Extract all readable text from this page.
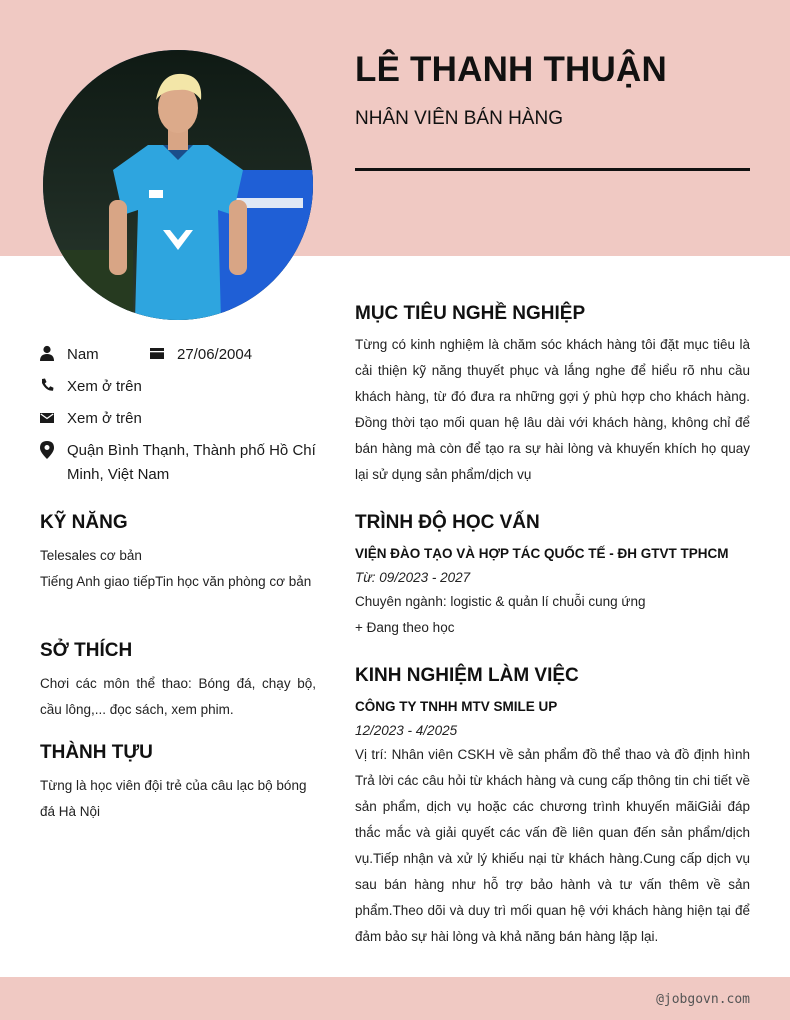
LÊ THANH THUẬN
NHÂN VIÊN BÁN HÀNG
Nam	27/06/2004
Xem ở trên
Xem ở trên
Quận Bình Thạnh, Thành phố Hồ Chí Minh, Việt Nam
KỸ NĂNG
Telesales cơ bản
Tiếng Anh giao tiếpTin học văn phòng cơ bản
SỞ THÍCH
Chơi các môn thể thao: Bóng đá, chạy bộ, cầu lông,... đọc sách, xem phim.
THÀNH TỰU
Từng là học viên đội trẻ của câu lạc bộ bóng đá Hà Nội
MỤC TIÊU NGHỀ NGHIỆP
Từng có kinh nghiệm là chăm sóc khách hàng tôi đặt mục tiêu là cải thiện kỹ năng thuyết phục và lắng nghe để hiểu rõ nhu cầu khách hàng, từ đó đưa ra những gợi ý phù hợp cho khách hàng. Đồng thời tạo mối quan hệ lâu dài với khách hàng, không chỉ để bán hàng mà còn để tạo ra sự hài lòng và khuyến khích họ quay lại sử dụng sản phẩm/dịch vụ
TRÌNH ĐỘ HỌC VẤN
VIỆN ĐÀO TẠO VÀ HỢP TÁC QUỐC TẾ - ĐH GTVT TPHCM
Từ: 09/2023 - 2027
Chuyên ngành: logistic & quản lí chuỗi cung ứng
+ Đang theo học
KINH NGHIỆM LÀM VIỆC
CÔNG TY TNHH MTV SMILE UP
12/2023 - 4/2025
Vị trí: Nhân viên CSKH về sản phẩm đồ thể thao và đồ định hình Trả lời các câu hỏi từ khách hàng và cung cấp thông tin chi tiết về sản phẩm, dịch vụ hoặc các chương trình khuyến mãiGiải đáp thắc mắc và giải quyết các vấn đề liên quan đến sản phẩm/dịch vụ.Tiếp nhận và xử lý khiếu nại từ khách hàng.Cung cấp dịch vụ sau bán hàng như hỗ trợ bảo hành và tư vấn thêm về sản phẩm.Theo dõi và duy trì mối quan hệ với khách hàng hiện tại để đảm bảo sự hài lòng và khả năng bán hàng lặp lại.
@jobgovn.com
